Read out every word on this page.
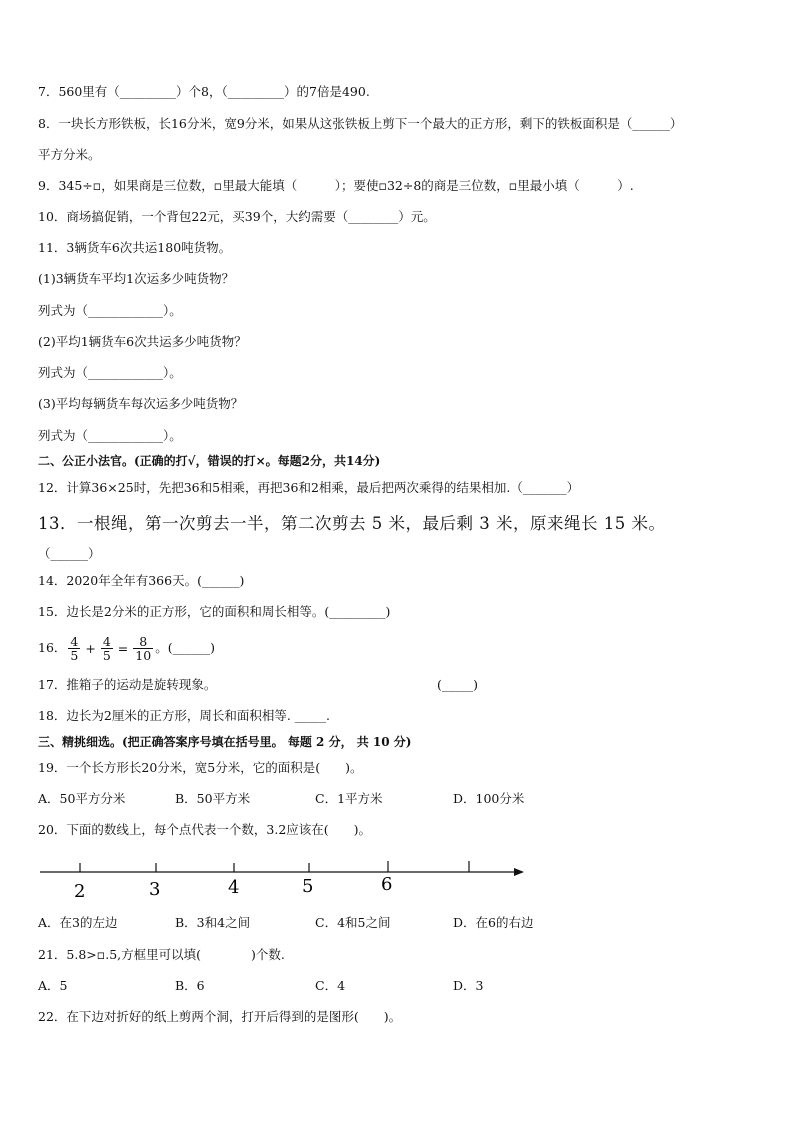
7．560里有（_________）个8，（_________）的7倍是490.
8．一块长方形铁板，长16分米，宽9分米，如果从这张铁板上剪下一个最大的正方形，剩下的铁板面积是（______）
平方分米。
9．345÷▫，如果商是三位数，▫里最大能填（　　　）；要使▫32÷8的商是三位数，▫里最小填（　　　）.
10．商场搞促销，一个背包22元，买39个，大约需要（________）元。
11．3辆货车6次共运180吨货物。
(1)3辆货车平均1次运多少吨货物？
列式为（____________）。
(2)平均1辆货车6次共运多少吨货物？
列式为（____________）。
(3)平均每辆货车每次运多少吨货物？
列式为（____________）。
二、公正小法官。(正确的打√，错误的打×。每题2分，共14分)
12．计算36×25时，先把36和5相乘，再把36和2相乘，最后把两次乘得的结果相加.（_______）
13．一根绳，第一次剪去一半，第二次剪去 5 米，最后剩 3 米，原来绳长 15 米。
（______）
14．2020年全年有366天。(______)
15．边长是2分米的正方形，它的面积和周长相等。(_________)
16． $\frac{4}{5} + \frac{4}{5} = \frac{8}{10}$ 。(______)
17．推箱子的运动是旋转现象。	(_____)
18．边长为2厘米的正方形，周长和面积相等. _____.
三、精挑细选。(把正确答案序号填在括号里。 每题 2 分， 共 10 分)
19．一个长方形长20分米，宽5分米，它的面积是(　　)。
A．50平方分米	B．50平方米	C．1平方米	D．100分米
20．下面的数线上，每个点代表一个数，3.2应该在(　　)。
2	3	4	5	6
A．在3的左边	B．3和4之间	C．4和5之间	D．在6的右边
21．5.8>▫.5,方框里可以填(　　　　)个数.
A．5	B．6	C．4	D．3
22．在下边对折好的纸上剪两个洞，打开后得到的是图形(　　)。
